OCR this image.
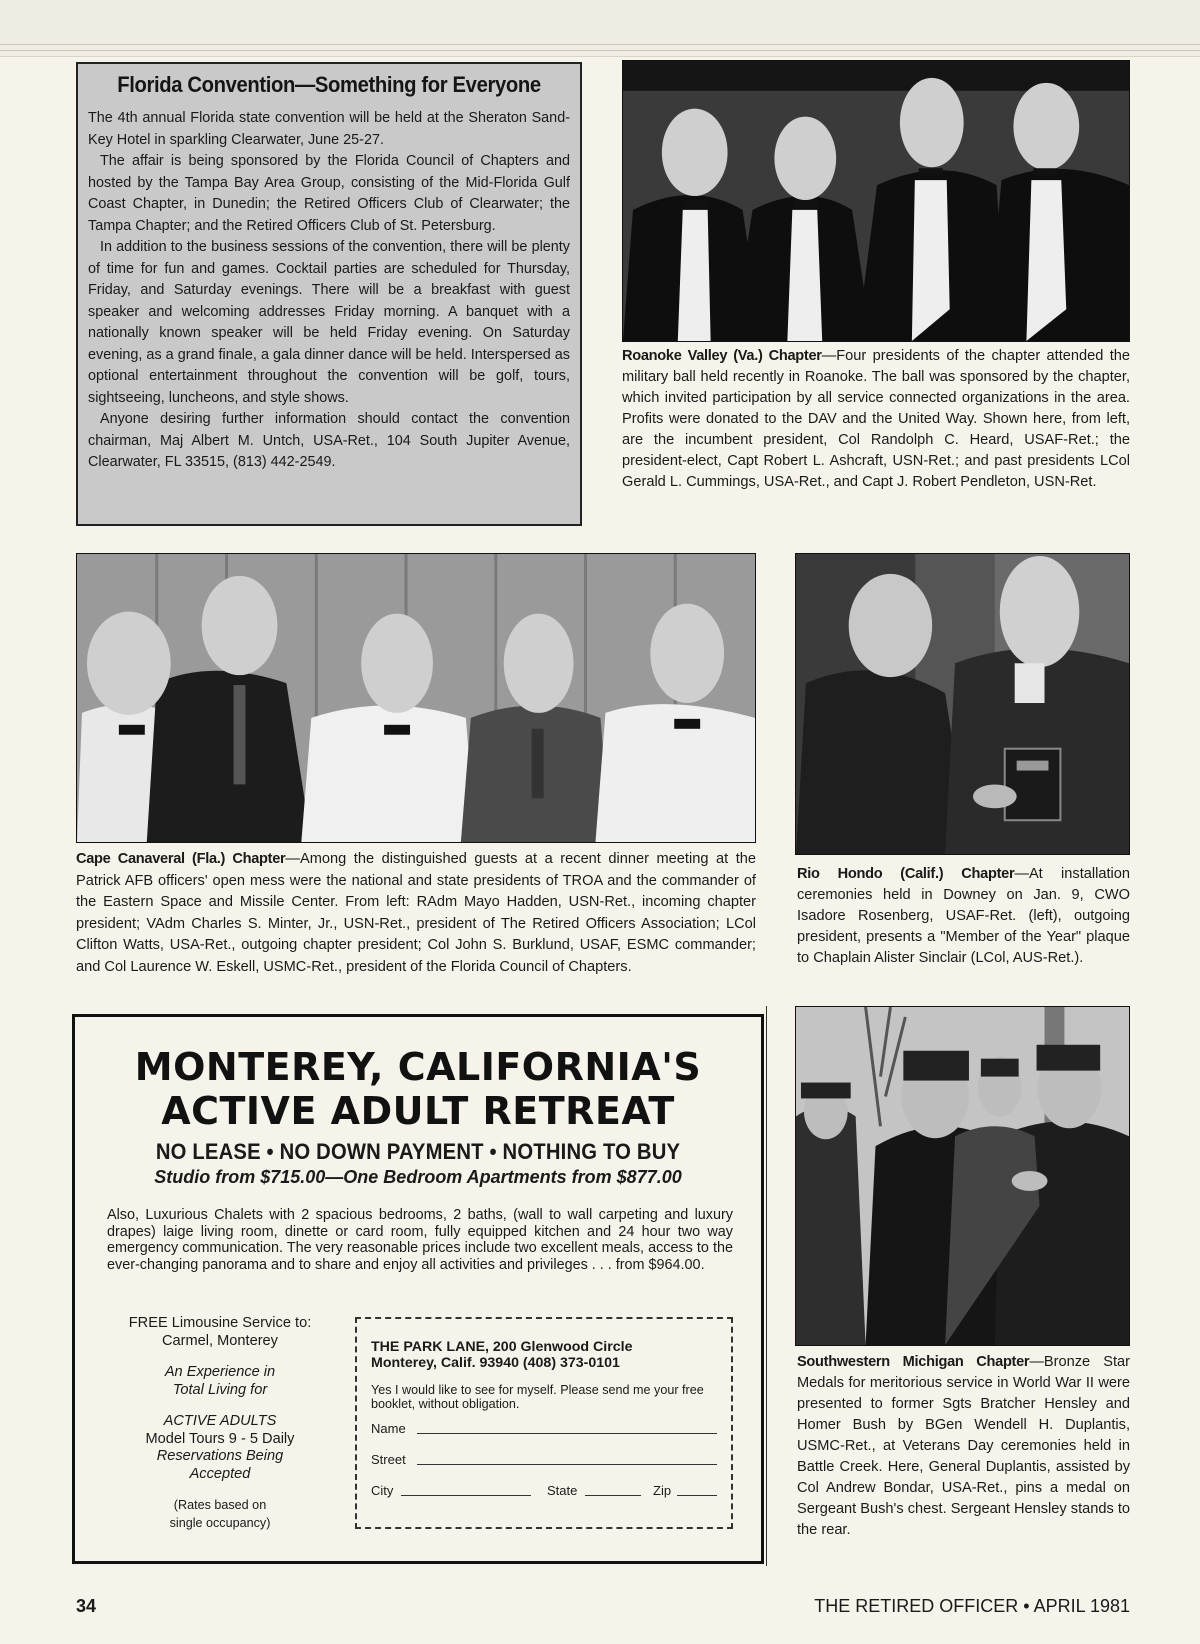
Florida Convention—Something for Everyone

The 4th annual Florida state convention will be held at the Sheraton Sand-Key Hotel in sparkling Clearwater, June 25-27.

The affair is being sponsored by the Florida Council of Chapters and hosted by the Tampa Bay Area Group, consisting of the Mid-Florida Gulf Coast Chapter, in Dunedin; the Retired Officers Club of Clearwater; the Tampa Chapter; and the Retired Officers Club of St. Petersburg.

In addition to the business sessions of the convention, there will be plenty of time for fun and games. Cocktail parties are scheduled for Thursday, Friday, and Saturday evenings. There will be a breakfast with guest speaker and welcoming addresses Friday morning. A banquet with a nationally known speaker will be held Friday evening. On Saturday evening, as a grand finale, a gala dinner dance will be held. Interspersed as optional entertainment throughout the convention will be golf, tours, sightseeing, luncheons, and style shows.

Anyone desiring further information should contact the convention chairman, Maj Albert M. Untch, USA-Ret., 104 South Jupiter Avenue, Clearwater, FL 33515, (813) 442-2549.

Roanoke Valley (Va.) Chapter—Four presidents of the chapter attended the military ball held recently in Roanoke. The ball was sponsored by the chapter, which invited participation by all service connected organizations in the area. Profits were donated to the DAV and the United Way. Shown here, from left, are the incumbent president, Col Randolph C. Heard, USAF-Ret.; the president-elect, Capt Robert L. Ashcraft, USN-Ret.; and past presidents LCol Gerald L. Cummings, USA-Ret., and Capt J. Robert Pendleton, USN-Ret.
Cape Canaveral (Fla.) Chapter—Among the distinguished guests at a recent dinner meeting at the Patrick AFB officers' open mess were the national and state presidents of TROA and the commander of the Eastern Space and Missile Center. From left: RAdm Mayo Hadden, USN-Ret., incoming chapter president; VAdm Charles S. Minter, Jr., USN-Ret., president of The Retired Officers Association; LCol Clifton Watts, USA-Ret., outgoing chapter president; Col John S. Burklund, USAF, ESMC commander; and Col Laurence W. Eskell, USMC-Ret., president of the Florida Council of Chapters.
Rio Hondo (Calif.) Chapter—At installation ceremonies held in Downey on Jan. 9, CWO Isadore Rosenberg, USAF-Ret. (left), outgoing president, presents a "Member of the Year" plaque to Chaplain Alister Sinclair (LCol, AUS-Ret.).
Southwestern Michigan Chapter—Bronze Star Medals for meritorious service in World War II were presented to former Sgts Bratcher Hensley and Homer Bush by BGen Wendell H. Duplantis, USMC-Ret., at Veterans Day ceremonies held in Battle Creek. Here, General Duplantis, assisted by Col Andrew Bondar, USA-Ret., pins a medal on Sergeant Bush's chest. Sergeant Hensley stands to the rear.
MONTEREY, CALIFORNIA'S
ACTIVE ADULT RETREAT
NO LEASE • NO DOWN PAYMENT • NOTHING TO BUY
Studio from $715.00—One Bedroom Apartments from $877.00
Also, Luxurious Chalets with 2 spacious bedrooms, 2 baths, (wall to wall carpeting and luxury drapes) laige living room, dinette or card room, fully equipped kitchen and 24 hour two way emergency communication. The very reasonable prices include two excellent meals, access to the ever-changing panorama and to share and enjoy all activities and privileges . . . from $964.00.
FREE Limousine Service to:
Carmel, Monterey
An Experience in
Total Living for
ACTIVE ADULTS
Model Tours 9 - 5 Daily
Reservations Being
Accepted
(Rates based on
single occupancy)
THE PARK LANE, 200 Glenwood Circle
Monterey, Calif. 93940 (408) 373-0101
Yes I would like to see for myself. Please send me your free booklet, without obligation.
Name
Street
City	State	Zip
34	THE RETIRED OFFICER • APRIL 1981
